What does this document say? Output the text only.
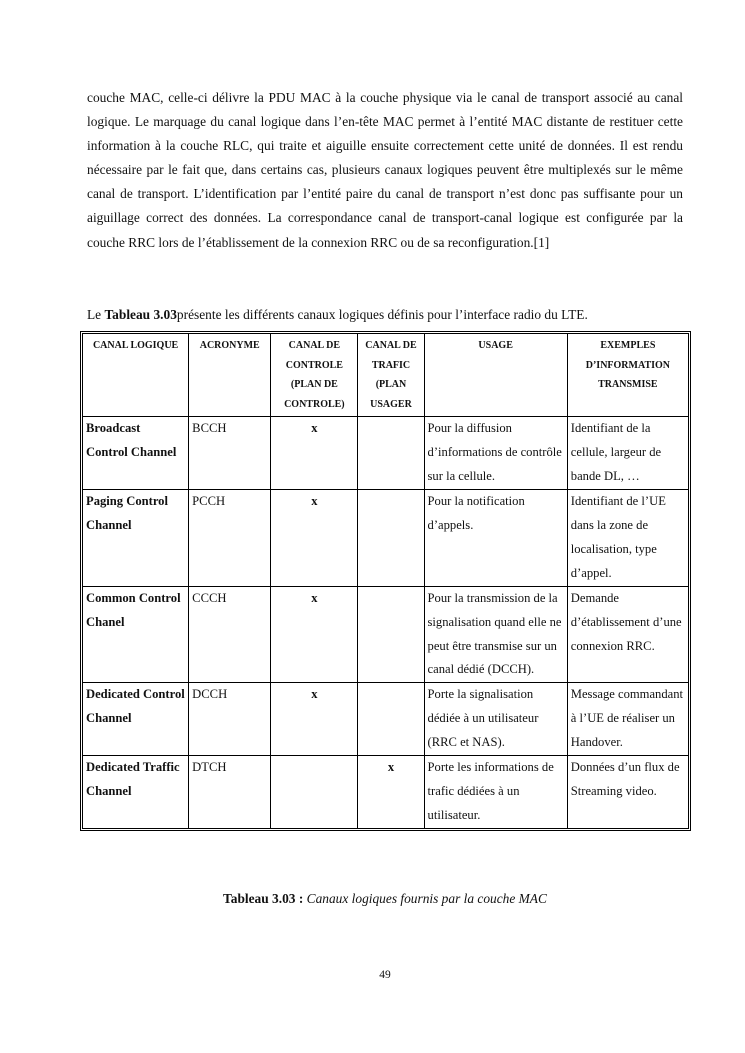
couche MAC, celle-ci délivre la PDU MAC à la couche physique via le canal de transport associé au canal logique. Le marquage du canal logique dans l’en-tête MAC permet à l’entité MAC distante de restituer cette information à la couche RLC, qui traite et aiguille ensuite correctement cette unité de données. Il est rendu nécessaire par le fait que, dans certains cas, plusieurs canaux logiques peuvent être multiplexés sur le même canal de transport. L’identification par l’entité paire du canal de transport n’est donc pas suffisante pour un aiguillage correct des données. La correspondance canal de transport-canal logique est configurée par la couche RRC lors de l’établissement de la connexion RRC ou de sa reconfiguration.[1]

Le Tableau 3.03présente les différents canaux logiques définis pour l’interface radio du LTE.

CANAL LOGIQUE	ACRONYME	CANAL DE CONTROLE (PLAN DE CONTROLE)	CANAL DE TRAFIC (PLAN USAGER	USAGE	EXEMPLES D’INFORMATION TRANSMISE
Broadcast Control Channel	BCCH	x		Pour la diffusion d’informations de contrôle sur la cellule.	Identifiant de la cellule, largeur de bande DL, …
Paging Control Channel	PCCH	x		Pour la notification d’appels.	Identifiant de l’UE dans la zone de localisation, type d’appel.
Common Control Chanel	CCCH	x		Pour la transmission de la signalisation quand elle ne peut être transmise sur un canal dédié (DCCH).	Demande d’établissement d’une connexion RRC.
Dedicated Control Channel	DCCH	x		Porte la signalisation dédiée à un utilisateur (RRC et NAS).	Message commandant à l’UE de réaliser un Handover.
Dedicated Traffic Channel	DTCH		x	Porte les informations de trafic dédiées à un utilisateur.	Données d’un flux de Streaming video.
Tableau 3.03 : Canaux logiques fournis par la couche MAC
49
